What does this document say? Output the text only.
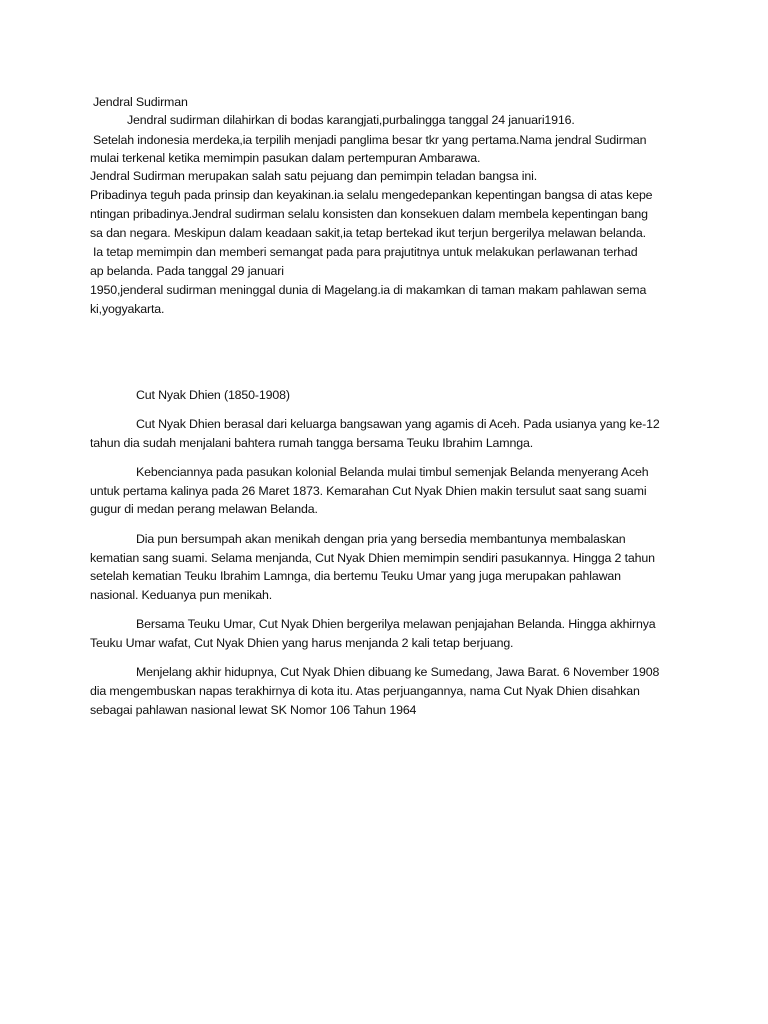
Jendral Sudirman
Jendral sudirman dilahirkan di bodas karangjati,purbalingga tanggal 24 januari1916.
Setelah indonesia merdeka,ia terpilih menjadi panglima besar tkr yang pertama.Nama jendral Sudirman
mulai terkenal ketika memimpin pasukan dalam pertempuran Ambarawa.
Jendral Sudirman merupakan salah satu pejuang dan pemimpin teladan bangsa ini.
Pribadinya teguh pada prinsip dan keyakinan.ia selalu mengedepankan kepentingan bangsa di atas kepe
ntingan pribadinya.Jendral sudirman selalu konsisten dan konsekuen dalam membela kepentingan bang
sa dan negara. Meskipun dalam keadaan sakit,ia tetap bertekad ikut terjun bergerilya melawan belanda.
Ia tetap memimpin dan memberi semangat pada para prajutitnya untuk melakukan perlawanan terhad
ap belanda. Pada tanggal 29 januari
1950,jenderal sudirman meninggal dunia di Magelang.ia di makamkan di taman makam pahlawan sema
ki,yogyakarta.
Cut Nyak Dhien (1850-1908)
Cut Nyak Dhien berasal dari keluarga bangsawan yang agamis di Aceh. Pada usianya yang ke-12
tahun dia sudah menjalani bahtera rumah tangga bersama Teuku Ibrahim Lamnga.
Kebenciannya pada pasukan kolonial Belanda mulai timbul semenjak Belanda menyerang Aceh
untuk pertama kalinya pada 26 Maret 1873. Kemarahan Cut Nyak Dhien makin tersulut saat sang suami
gugur di medan perang melawan Belanda.
Dia pun bersumpah akan menikah dengan pria yang bersedia membantunya membalaskan
kematian sang suami. Selama menjanda, Cut Nyak Dhien memimpin sendiri pasukannya. Hingga 2 tahun
setelah kematian Teuku Ibrahim Lamnga, dia bertemu Teuku Umar yang juga merupakan pahlawan
nasional. Keduanya pun menikah.
Bersama Teuku Umar, Cut Nyak Dhien bergerilya melawan penjajahan Belanda. Hingga akhirnya
Teuku Umar wafat, Cut Nyak Dhien yang harus menjanda 2 kali tetap berjuang.
Menjelang akhir hidupnya, Cut Nyak Dhien dibuang ke Sumedang, Jawa Barat. 6 November 1908
dia mengembuskan napas terakhirnya di kota itu. Atas perjuangannya, nama Cut Nyak Dhien disahkan
sebagai pahlawan nasional lewat SK Nomor 106 Tahun 1964
